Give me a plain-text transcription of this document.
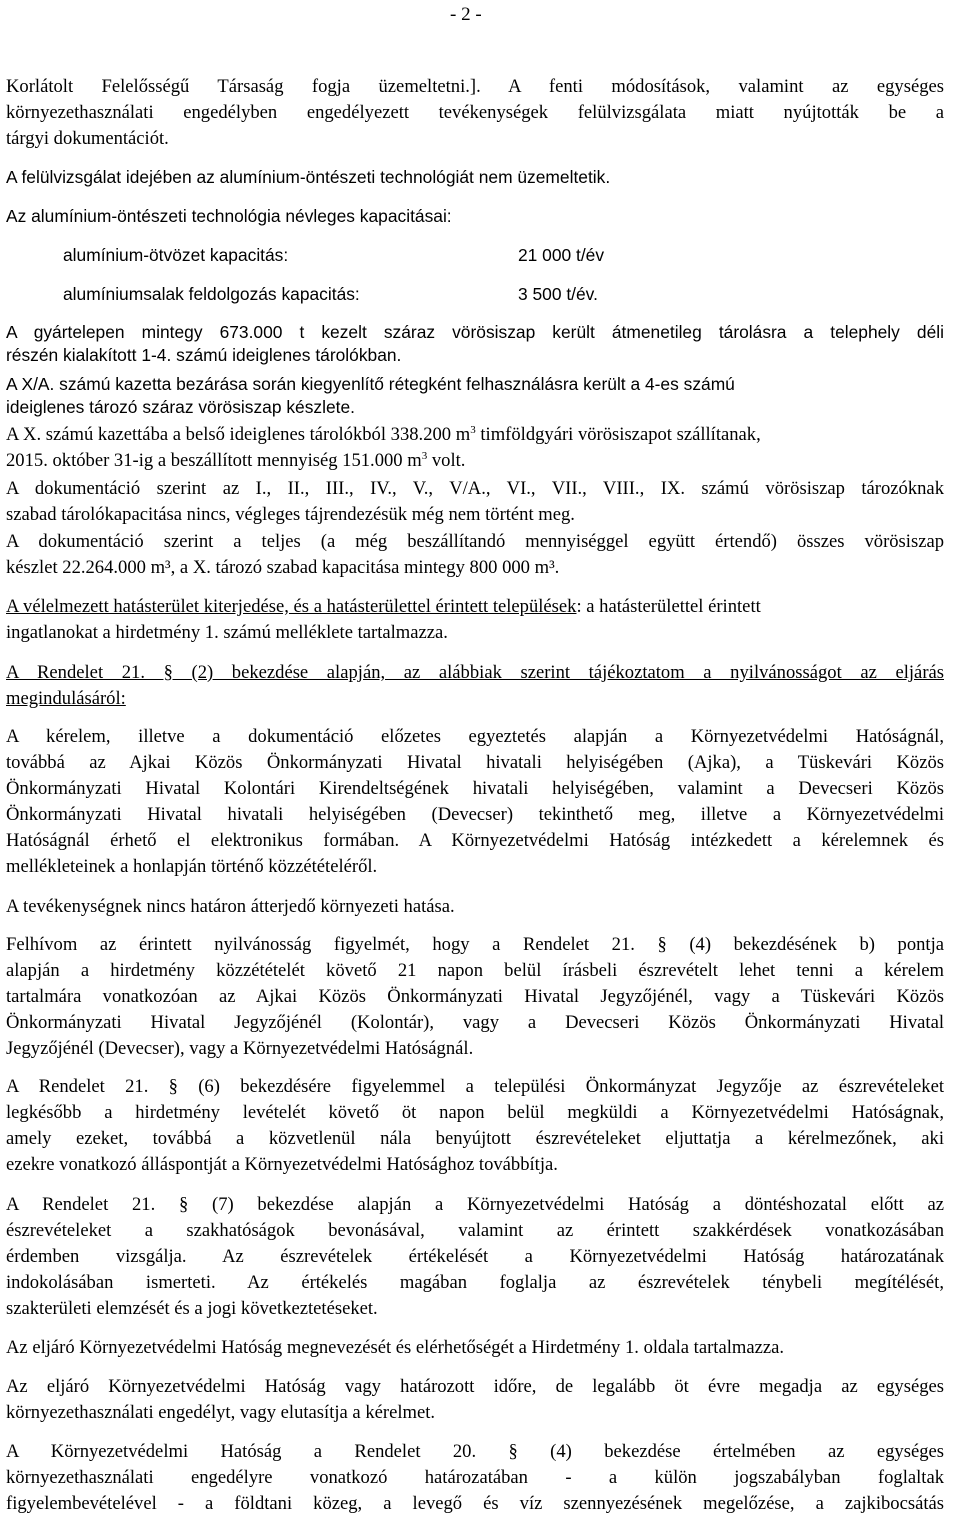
- 2 -
Korlátolt Felelősségű Társaság fogja üzemeltetni.]. A fenti módosítások, valamint az egységes
környezethasználati engedélyben engedélyezett tevékenységek felülvizsgálata miatt nyújtották be a
tárgyi dokumentációt.
A felülvizsgálat idejében az alumínium-öntészeti technológiát nem üzemeltetik.
Az alumínium-öntészeti technológia névleges kapacitásai:
alumínium-ötvözet kapacitás:	21 000 t/év
alumíniumsalak feldolgozás kapacitás:	3 500 t/év.
A gyártelepen mintegy 673.000 t kezelt száraz vörösiszap került átmenetileg tárolásra a telephely déli
részén kialakított 1-4. számú ideiglenes tárolókban.
A X/A. számú kazetta bezárása során kiegyenlítő rétegként felhasználásra került a 4-es számú
ideiglenes tározó száraz vörösiszap készlete.
A X. számú kazettába a belső ideiglenes tárolókból 338.200 $m^3$ timföldgyári vörösiszapot szállítanak,
2015. október 31-ig a beszállított mennyiség 151.000 $m^3$ volt.
A dokumentáció szerint az I., II., III., IV., V., V/A., VI., VII., VIII., IX. számú vörösiszap tározóknak
szabad tárolókapacitása nincs, végleges tájrendezésük még nem történt meg.
A dokumentáció szerint a teljes (a még beszállítandó mennyiséggel együtt értendő) összes vörösiszap
készlet 22.264.000 m³, a X. tározó szabad kapacitása mintegy 800 000 m³.
A vélelmezett hatásterület kiterjedése, és a hatásterülettel érintett települések: a hatásterülettel érintett
ingatlanokat a hirdetmény 1. számú melléklete tartalmazza.
A Rendelet 21. § (2) bekezdése alapján, az alábbiak szerint tájékoztatom a nyilvánosságot az eljárás
megindulásáról:
A kérelem, illetve a dokumentáció előzetes egyeztetés alapján a Környezetvédelmi Hatóságnál,
továbbá az Ajkai Közös Önkormányzati Hivatal hivatali helyiségében (Ajka), a Tüskevári Közös
Önkormányzati Hivatal Kolontári Kirendeltségének hivatali helyiségében, valamint a Devecseri Közös
Önkormányzati Hivatal hivatali helyiségében (Devecser) tekinthető meg, illetve a Környezetvédelmi
Hatóságnál érhető el elektronikus formában. A Környezetvédelmi Hatóság intézkedett a kérelemnek és
mellékleteinek a honlapján történő közzétételéről.
A tevékenységnek nincs határon átterjedő környezeti hatása.
Felhívom az érintett nyilvánosság figyelmét, hogy a Rendelet 21. § (4) bekezdésének b) pontja
alapján a hirdetmény közzétételét követő 21 napon belül írásbeli észrevételt lehet tenni a kérelem
tartalmára vonatkozóan az Ajkai Közös Önkormányzati Hivatal Jegyzőjénél, vagy a Tüskevári Közös
Önkormányzati Hivatal Jegyzőjénél (Kolontár), vagy a Devecseri Közös Önkormányzati Hivatal
Jegyzőjénél (Devecser), vagy a Környezetvédelmi Hatóságnál.
A Rendelet 21. § (6) bekezdésére figyelemmel a települési Önkormányzat Jegyzője az észrevételeket
legkésőbb a hirdetmény levételét követő öt napon belül megküldi a Környezetvédelmi Hatóságnak,
amely ezeket, továbbá a közvetlenül nála benyújtott észrevételeket eljuttatja a kérelmezőnek, aki
ezekre vonatkozó álláspontját a Környezetvédelmi Hatósághoz továbbítja.
A Rendelet 21. § (7) bekezdése alapján a Környezetvédelmi Hatóság a döntéshozatal előtt az
észrevételeket a szakhatóságok bevonásával, valamint az érintett szakkérdések vonatkozásában
érdemben vizsgálja. Az észrevételek értékelését a Környezetvédelmi Hatóság határozatának
indokolásában ismerteti. Az értékelés magában foglalja az észrevételek ténybeli megítélését,
szakterületi elemzését és a jogi következtetéseket.
Az eljáró Környezetvédelmi Hatóság megnevezését és elérhetőségét a Hirdetmény 1. oldala tartalmazza.
Az eljáró Környezetvédelmi Hatóság vagy határozott időre, de legalább öt évre megadja az egységes
környezethasználati engedélyt, vagy elutasítja a kérelmet.
A Környezetvédelmi Hatóság a Rendelet 20. § (4) bekezdése értelmében az egységes
környezethasználati engedélyre vonatkozó határozatában - a külön jogszabályban foglaltak
figyelembevételével - a földtani közeg, a levegő és víz szennyezésének megelőzése, a zajkibocsátás
